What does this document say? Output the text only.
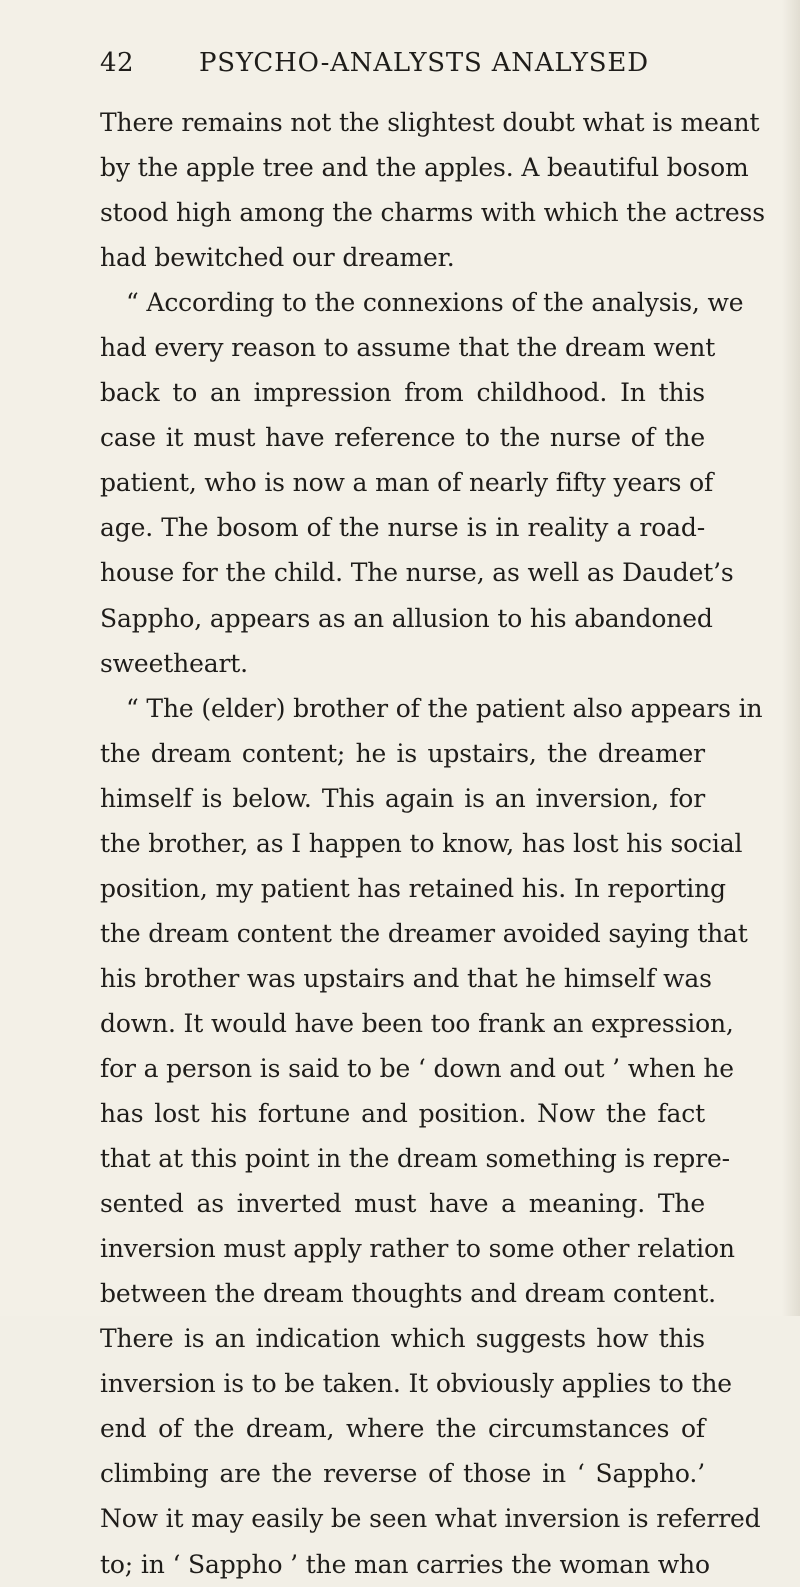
42 PSYCHO-ANALYSTS ANALYSED
There remains not the slightest doubt what is meant
by the apple tree and the apples. A beautiful bosom
stood high among the charms with which the actress
had bewitched our dreamer.
“ According to the connexions of the analysis, we
had every reason to assume that the dream went
back to an impression from childhood. In this
case it must have reference to the nurse of the
patient, who is now a man of nearly fifty years of
age. The bosom of the nurse is in reality a road-
house for the child. The nurse, as well as Daudet’s
Sappho, appears as an allusion to his abandoned
sweetheart.
“ The (elder) brother of the patient also appears in
the dream content; he is upstairs, the dreamer
himself is below. This again is an inversion, for
the brother, as I happen to know, has lost his social
position, my patient has retained his. In reporting
the dream content the dreamer avoided saying that
his brother was upstairs and that he himself was
down. It would have been too frank an expression,
for a person is said to be ‘ down and out ’ when he
has lost his fortune and position. Now the fact
that at this point in the dream something is repre-
sented as inverted must have a meaning. The
inversion must apply rather to some other relation
between the dream thoughts and dream content.
There is an indication which suggests how this
inversion is to be taken. It obviously applies to the
end of the dream, where the circumstances of
climbing are the reverse of those in ‘ Sappho.’
Now it may easily be seen what inversion is referred
to; in ‘ Sappho ’ the man carries the woman who
